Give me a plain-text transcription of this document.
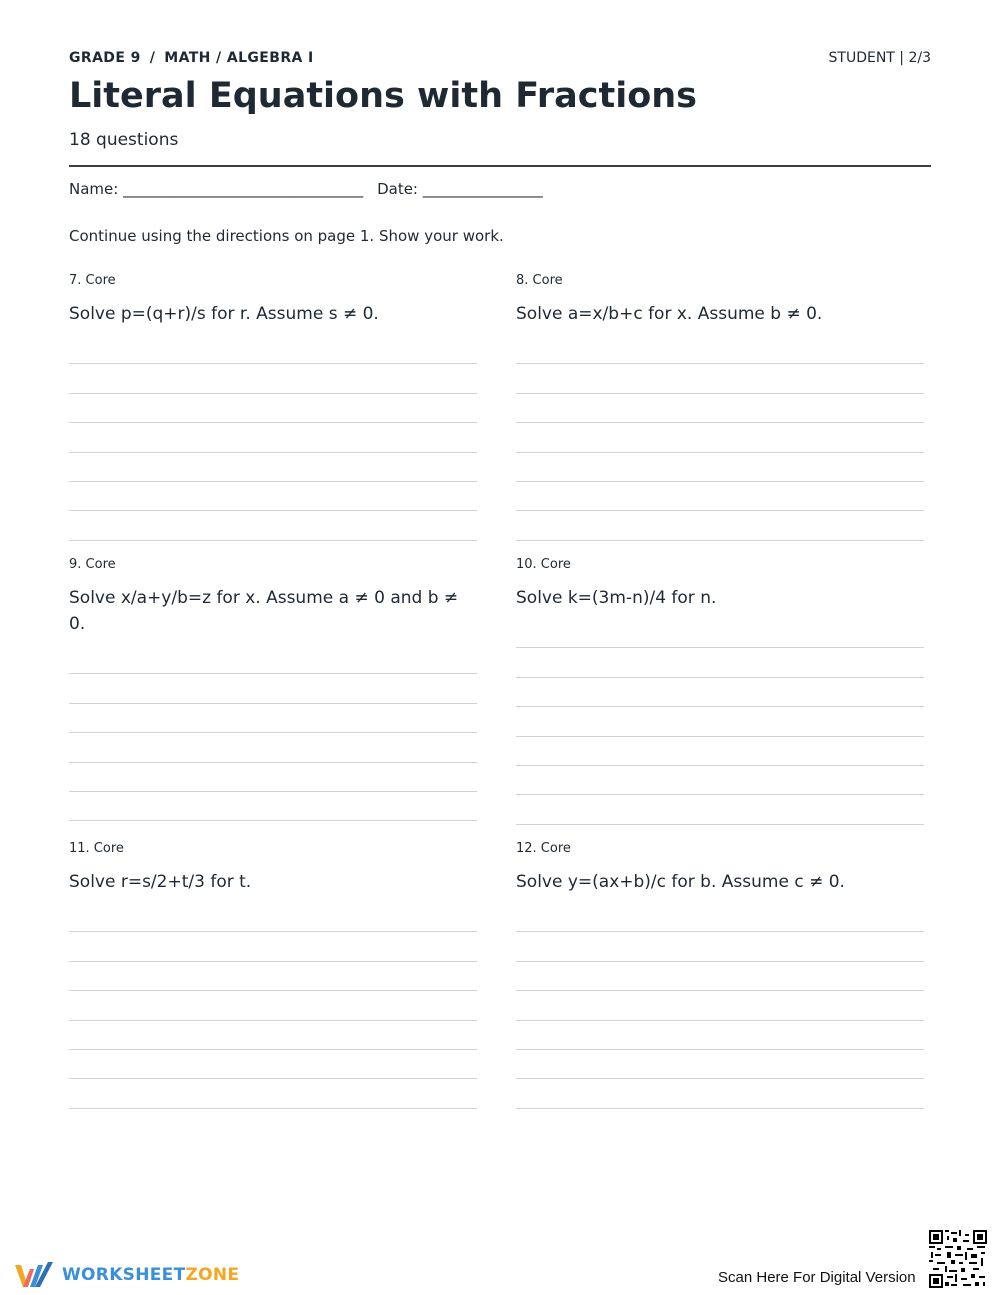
GRADE 9 / MATH / ALGEBRA I	STUDENT | 2/3
Literal Equations with Fractions
18 questions
Name: ________________________________ Date: ________________
Continue using the directions on page 1. Show your work.
7. Core
Solve p=(q+r)/s for r. Assume s ≠ 0.
8. Core
Solve a=x/b+c for x. Assume b ≠ 0.
9. Core
Solve x/a+y/b=z for x. Assume a ≠ 0 and b ≠ 0.
10. Core
Solve k=(3m-n)/4 for n.
11. Core
Solve r=s/2+t/3 for t.
12. Core
Solve y=(ax+b)/c for b. Assume c ≠ 0.
WORKSHEETZONE	Scan Here For Digital Version
